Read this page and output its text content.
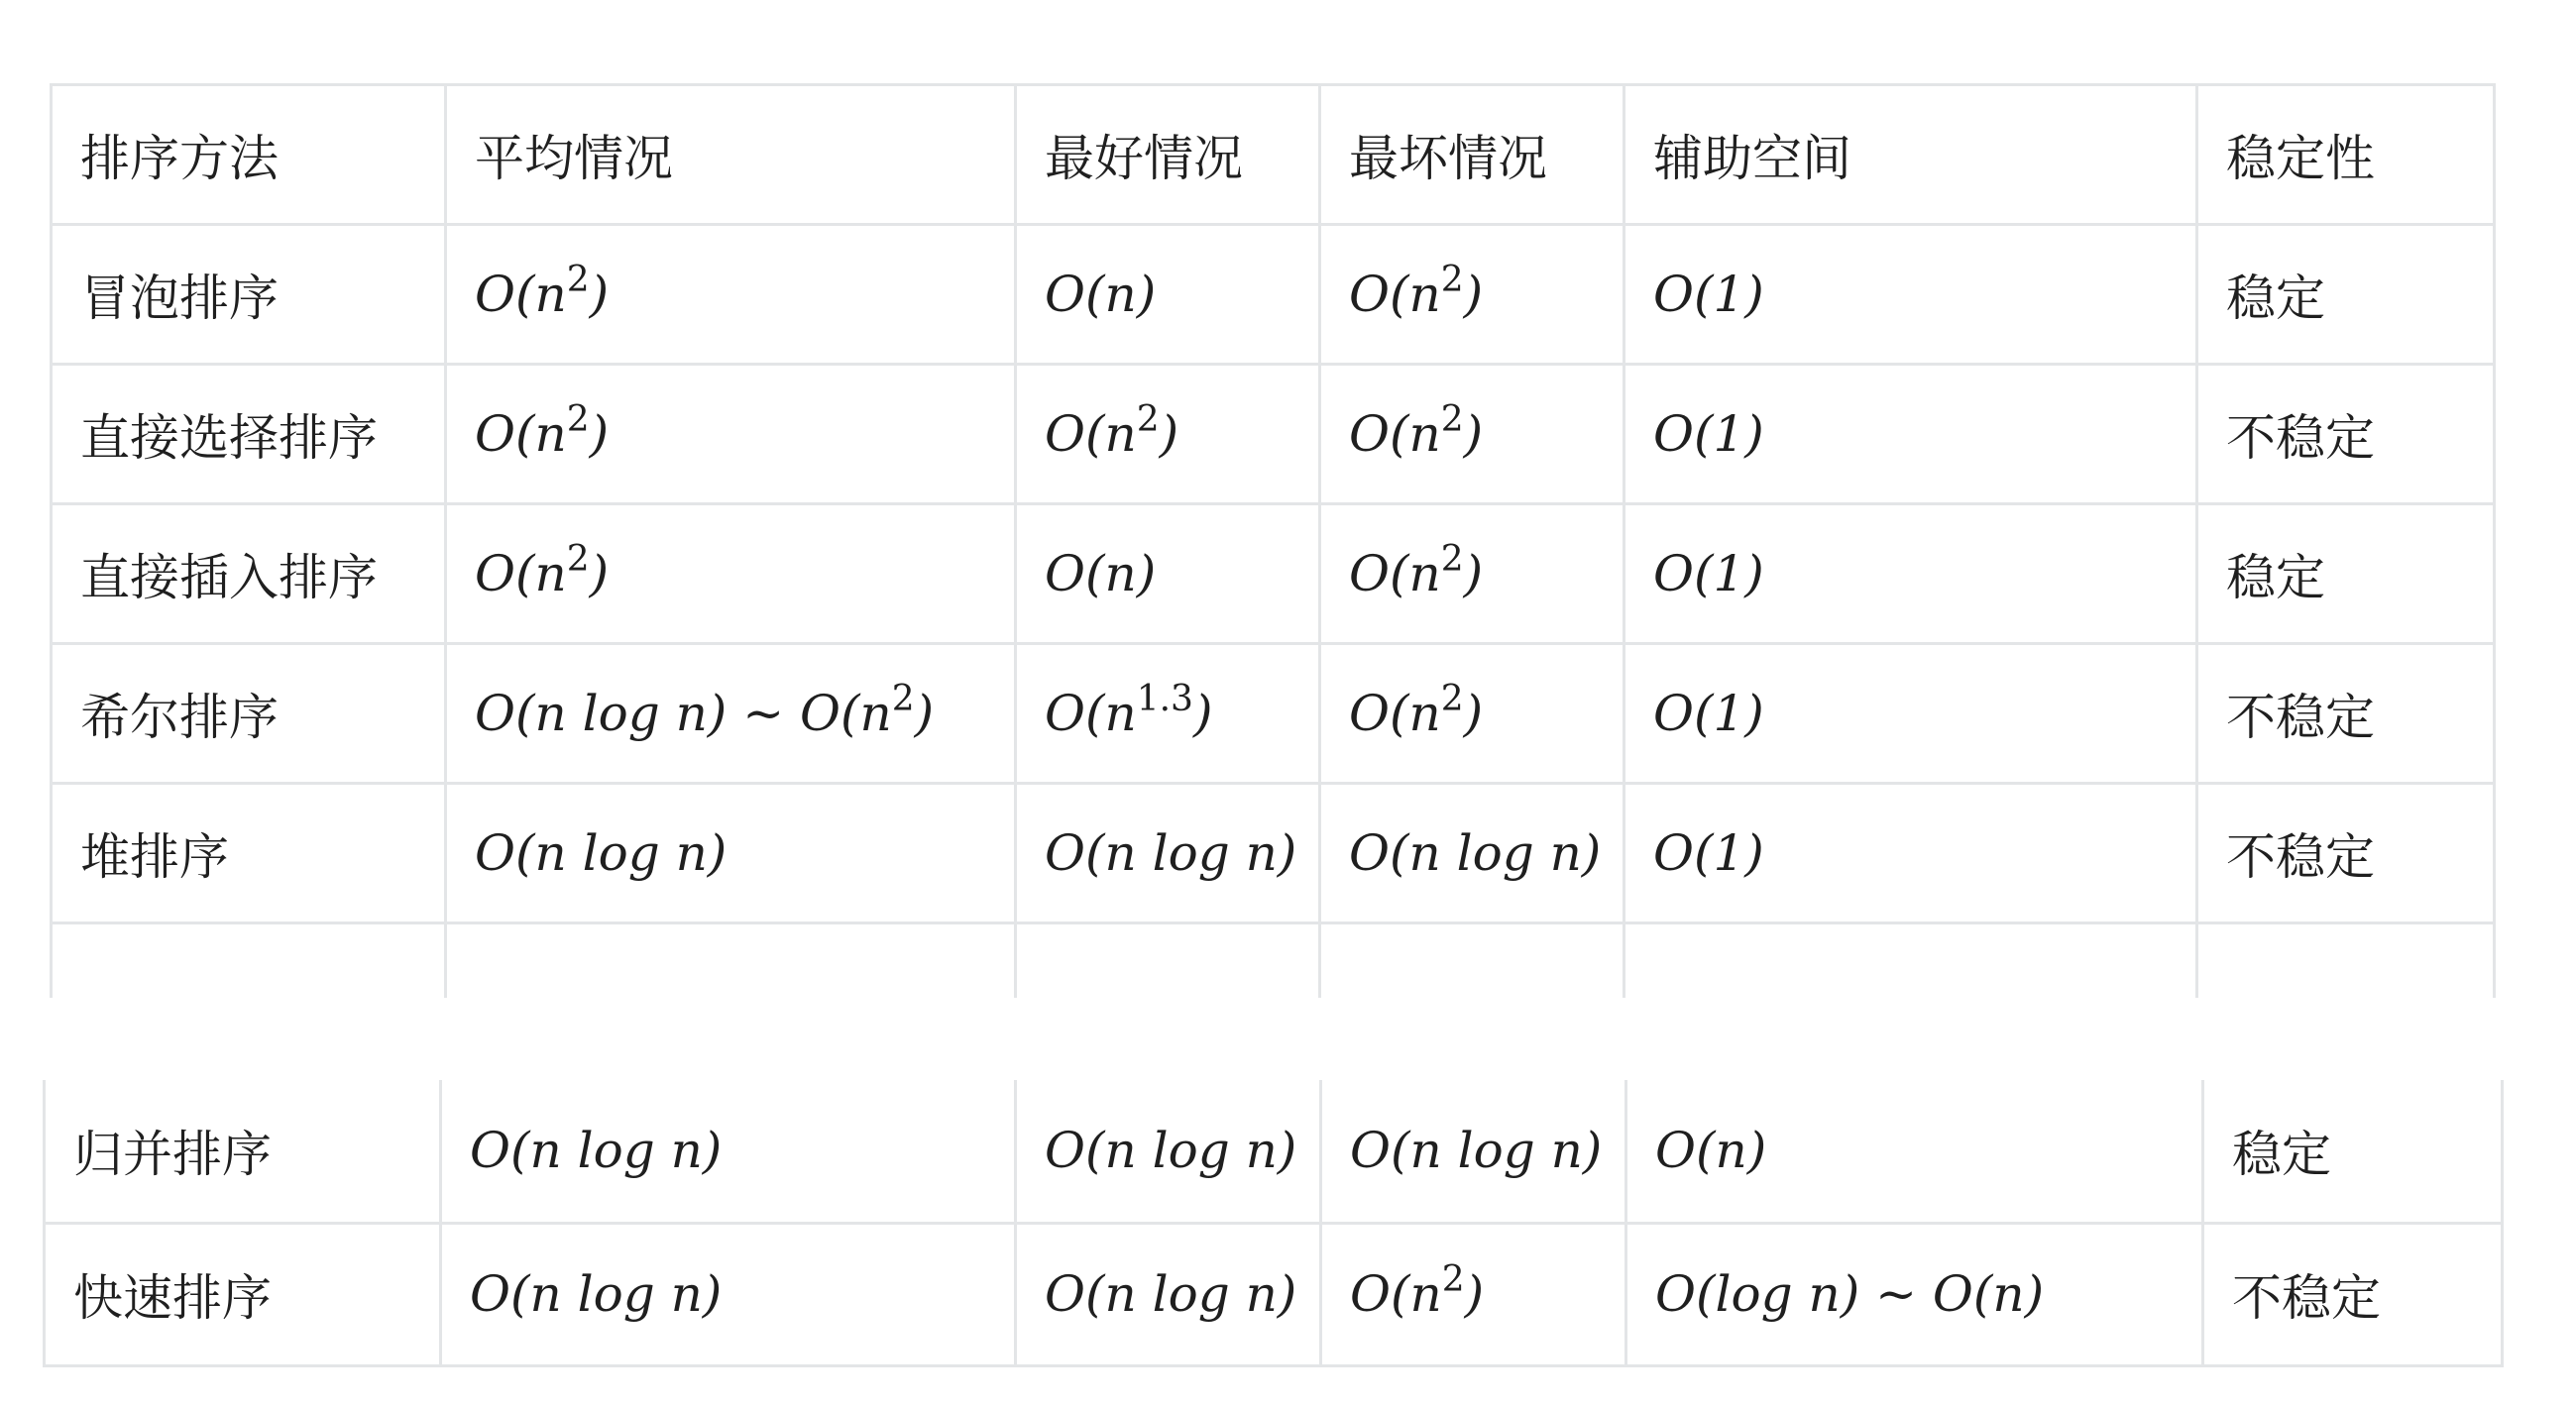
排序方法	平均情况	最好情况	最坏情况	辅助空间	稳定性
冒泡排序	$O(n^2)$	O(n)	$O(n^2)$	O(1)	稳定
直接选择排序	$O(n^2)$	$O(n^2)$	$O(n^2)$	O(1)	不稳定
直接插入排序	$O(n^2)$	O(n)	$O(n^2)$	O(1)	稳定
希尔排序	O(n log n) ~ $O(n^2)$	$O(n^{1.3})$	$O(n^2)$	O(1)	不稳定
堆排序	O(n log n)	O(n log n)	O(n log n)	O(1)	不稳定

归并排序	O(n log n)	O(n log n)	O(n log n)	O(n)	稳定
快速排序	O(n log n)	O(n log n)	$O(n^2)$	O(log n) ~ O(n)	不稳定
